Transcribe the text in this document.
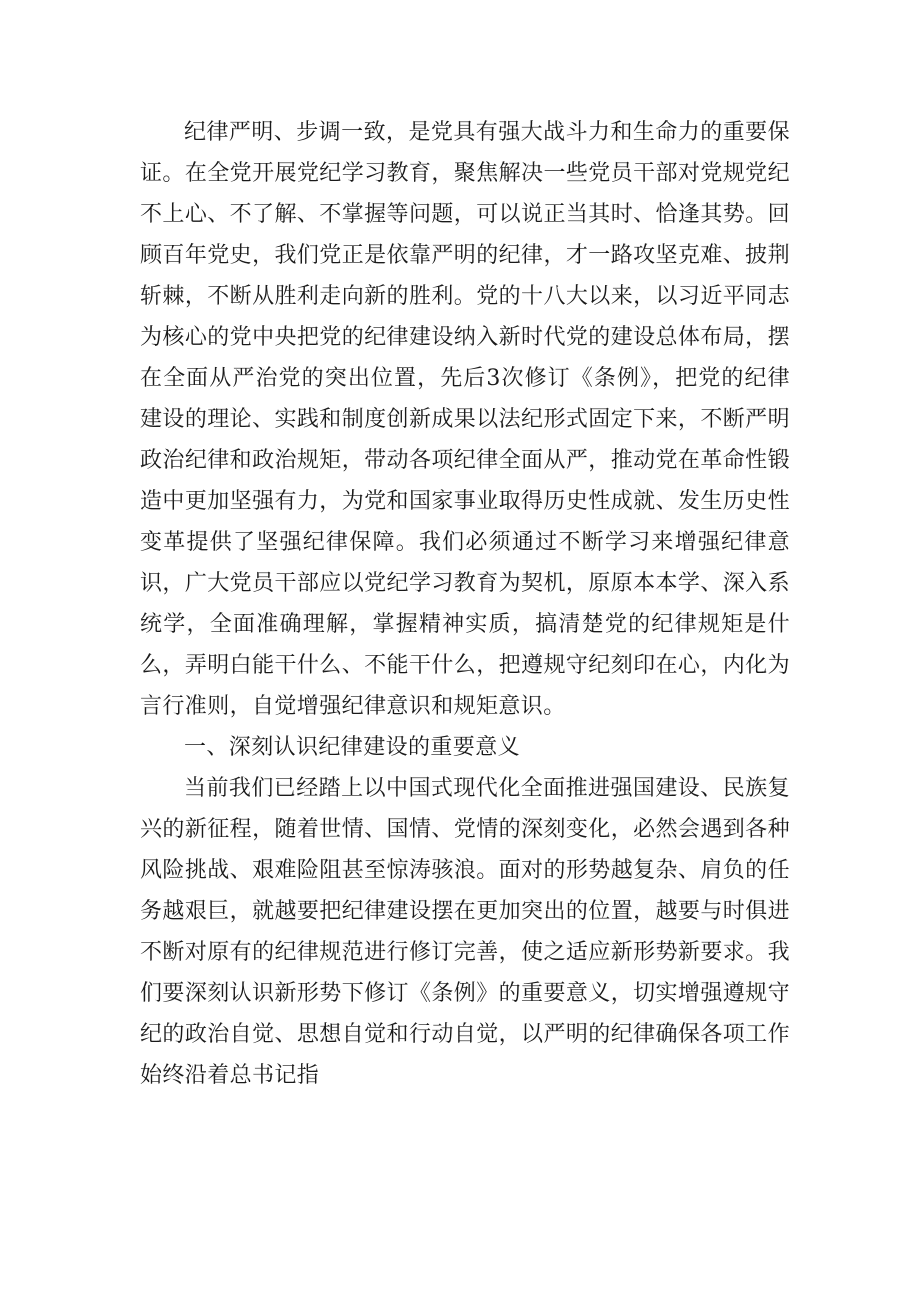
纪律严明、步调一致，是党具有强大战斗力和生命力的重要保证。在全党开展党纪学习教育，聚焦解决一些党员干部对党规党纪不上心、不了解、不掌握等问题，可以说正当其时、恰逢其势。回顾百年党史，我们党正是依靠严明的纪律，才一路攻坚克难、披荆斩棘，不断从胜利走向新的胜利。党的十八大以来，以习近平同志为核心的党中央把党的纪律建设纳入新时代党的建设总体布局，摆在全面从严治党的突出位置，先后3次修订《条例》，把党的纪律建设的理论、实践和制度创新成果以法纪形式固定下来，不断严明政治纪律和政治规矩，带动各项纪律全面从严，推动党在革命性锻造中更加坚强有力，为党和国家事业取得历史性成就、发生历史性变革提供了坚强纪律保障。我们必须通过不断学习来增强纪律意识，广大党员干部应以党纪学习教育为契机，原原本本学、深入系统学，全面准确理解，掌握精神实质，搞清楚党的纪律规矩是什么，弄明白能干什么、不能干什么，把遵规守纪刻印在心，内化为言行准则，自觉增强纪律意识和规矩意识。

一、深刻认识纪律建设的重要意义

当前我们已经踏上以中国式现代化全面推进强国建设、民族复兴的新征程，随着世情、国情、党情的深刻变化，必然会遇到各种风险挑战、艰难险阻甚至惊涛骇浪。面对的形势越复杂、肩负的任务越艰巨，就越要把纪律建设摆在更加突出的位置，越要与时俱进不断对原有的纪律规范进行修订完善，使之适应新形势新要求。我们要深刻认识新形势下修订《条例》的重要意义，切实增强遵规守纪的政治自觉、思想自觉和行动自觉，以严明的纪律确保各项工作始终沿着总书记指
